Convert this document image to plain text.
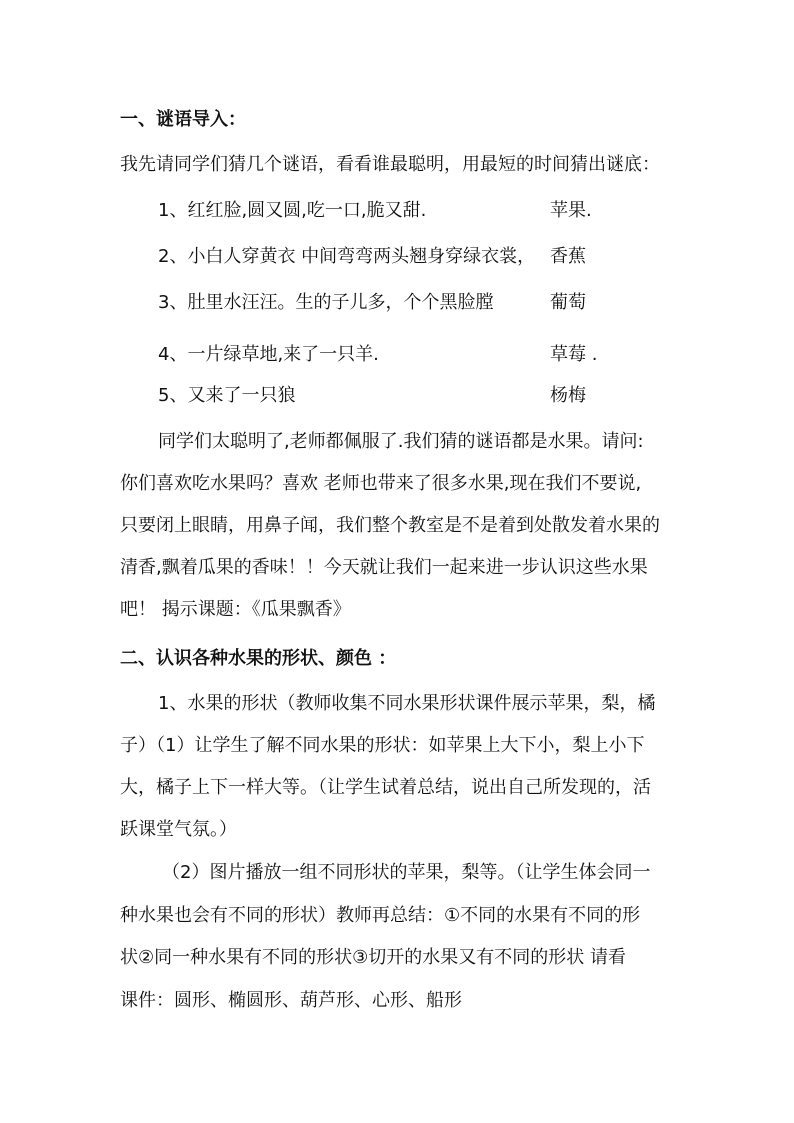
一、谜语导入：
我先请同学们猜几个谜语，看看谁最聪明，用最短的时间猜出谜底：
1、红红脸,圆又圆,吃一口,脆又甜.	苹果.
2、小白人穿黄衣 中间弯弯两头翘身穿绿衣裳， 香蕉
3、肚里水汪汪。生的子儿多，个个黑脸膛	葡萄
4、一片绿草地,来了一只羊.	草莓 .
5、又来了一只狼	杨梅
同学们太聪明了,老师都佩服了.我们猜的谜语都是水果。请问:
你们喜欢吃水果吗？喜欢 老师也带来了很多水果,现在我们不要说,
只要闭上眼睛，用鼻子闻，我们整个教室是不是着到处散发着水果的
清香,飘着瓜果的香味！！今天就让我们一起来进一步认识这些水果
吧！ 揭示课题：《瓜果飘香》
二、认识各种水果的形状、颜色 ：
1、水果的形状（教师收集不同水果形状课件展示苹果，梨，橘
子）（1）让学生了解不同水果的形状：如苹果上大下小，梨上小下
大，橘子上下一样大等。（让学生试着总结，说出自己所发现的，活
跃课堂气氛。）
（2）图片播放一组不同形状的苹果，梨等。（让学生体会同一
种水果也会有不同的形状）教师再总结：①不同的水果有不同的形
状②同一种水果有不同的形状③切开的水果又有不同的形状 请看
课件：圆形、椭圆形、葫芦形、心形、船形
